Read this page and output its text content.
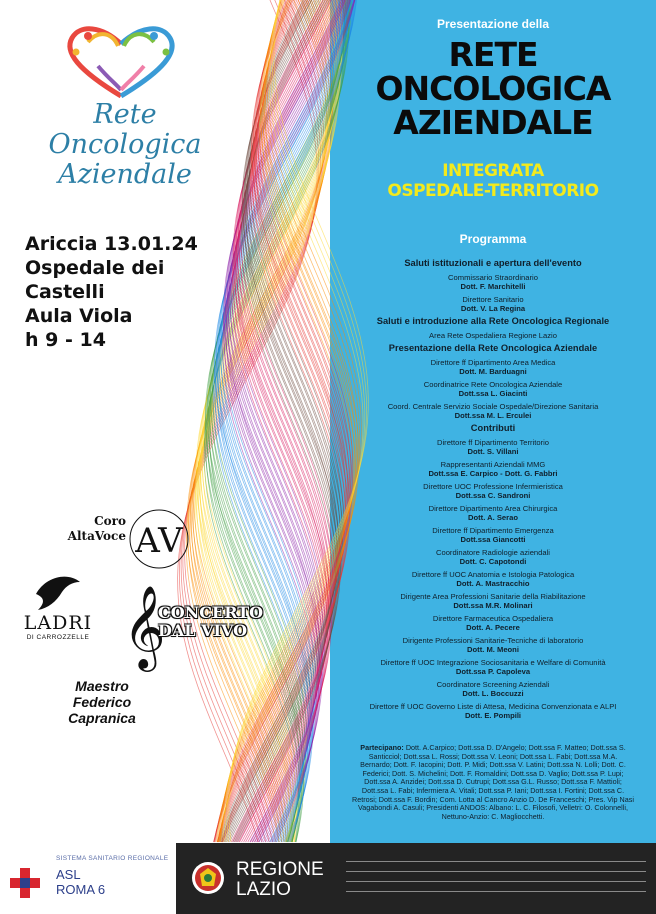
Rete Oncologica
Aziendale
Ariccia 13.01.24
Ospedale dei
Castelli
Aula Viola
h 9 - 14
Presentazione della
RETE
ONCOLOGICA
AZIENDALE
INTEGRATA
OSPEDALE-TERRITORIO
Programma
Saluti istituzionali e apertura dell'evento
Commissario Straordinario
Dott. F. Marchitelli
Direttore Sanitario
Dott. V. La Regina
Saluti e introduzione alla Rete Oncologica Regionale
Area Rete Ospedaliera Regione Lazio
Presentazione della Rete Oncologica Aziendale
Direttore ff Dipartimento Area Medica
Dott. M. Barduagni
Coordinatrice Rete Oncologica Aziendale
Dott.ssa L. Giacinti
Coord. Centrale Servizio Sociale Ospedale/Direzione Sanitaria
Dott.ssa M. L. Erculei
Contributi
Direttore ff Dipartimento Territorio
Dott. S. Villani
Rappresentanti Aziendali MMG
Dott.ssa E. Carpico - Dott. G. Fabbri
Direttore UOC Professione Infermieristica
Dott.ssa C. Sandroni
Direttore Dipartimento Area Chirurgica
Dott. A. Serao
Direttore ff Dipartimento Emergenza
Dott.ssa Giancotti
Coordinatore Radiologie aziendali
Dott. C. Capotondi
Direttore ff UOC Anatomia e Istologia Patologica
Dott. A. Mastracchio
Dirigente Area Professioni Sanitarie della Riabilitazione
Dott.ssa M.R. Molinari
Direttore Farmaceutica Ospedaliera
Dott. A. Pecere
Dirigente Professioni Sanitarie-Tecniche di laboratorio
Dott. M. Meoni
Direttore ff UOC Integrazione Sociosanitaria e Welfare di Comunità
Dott.ssa P. Capoleva
Coordinatore Screening Aziendali
Dott. L. Boccuzzi
Direttore ff UOC Governo Liste di Attesa, Medicina Convenzionata e ALPI
Dott. E. Pompili
Partecipano: Dott. A.Carpico; Dott.ssa D. D'Angelo; Dott.ssa F. Matteo; Dott.ssa S. Santicciol; Dott.ssa L. Rossi; Dott.ssa V. Leoni; Dott.ssa L. Fabi; Dott.ssa M.A. Bernardo; Dott. F. Iacopini; Dott. P. Midi; Dott.ssa V. Latini; Dott.ssa N. Lolli; Dott. C. Federici; Dott. S. Michelini; Dott. F. Romaldini; Dott.ssa D. Vaglio; Dott.ssa P. Lupi; Dott.ssa A. Anzidei; Dott.ssa D. Cutrupi; Dott.ssa G.L. Russo; Dott.ssa F. Mattioli; Dott.ssa L. Fabi; Infermiera A. Vitali; Dott.ssa P. Iani; Dott.ssa I. Fortini; Dott.ssa C. Retrosi; Dott.ssa F. Bordin; Com. Lotta al Cancro Anzio D. De Franceschi; Pres. Vip Nasi Vagabondi A. Casuli; Presidenti ANDOS: Albano: L. C. Filosofi, Velletri: O. Colonnelli, Nettuno-Anzio: C. Magliocchetti.
Coro
AltaVoce AV
LADRI
DI CARROZZELLE 𝄞
CONCERTO
DAL VIVO
Maestro
Federico
Capranica
SISTEMA SANITARIO REGIONALE
ASL
ROMA 6
REGIONE
LAZIO
